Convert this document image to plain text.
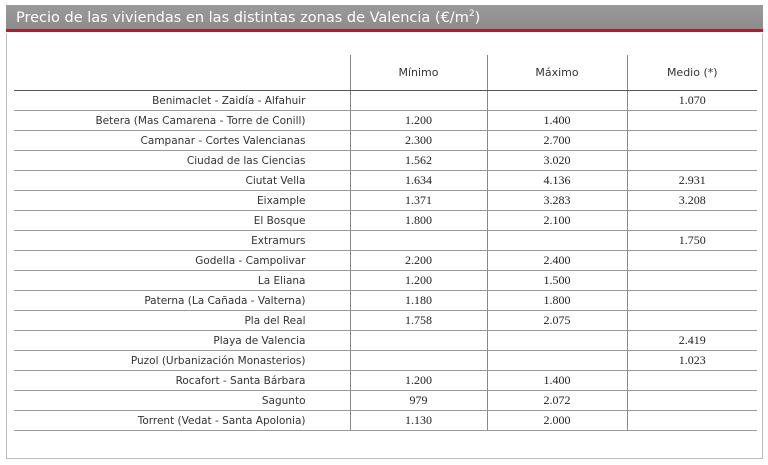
Precio de las viviendas en las distintas zonas de Valencia $(€/m^2)$
	Mínimo	Máximo	Medio (*)
Benimaclet - Zaidía - Alfahuir			1.070
Betera (Mas Camarena - Torre de Conill)	1.200	1.400	
Campanar - Cortes Valencianas	2.300	2.700	
Ciudad de las Ciencias	1.562	3.020	
Ciutat Vella	1.634	4.136	2.931
Eixample	1.371	3.283	3.208
El Bosque	1.800	2.100	
Extramurs			1.750
Godella - Campolivar	2.200	2.400	
La Eliana	1.200	1.500	
Paterna (La Cañada - Valterna)	1.180	1.800	
Pla del Real	1.758	2.075	
Playa de Valencia			2.419
Puzol (Urbanización Monasterios)			1.023
Rocafort - Santa Bárbara	1.200	1.400	
Sagunto	979	2.072	
Torrent (Vedat - Santa Apolonia)	1.130	2.000	
